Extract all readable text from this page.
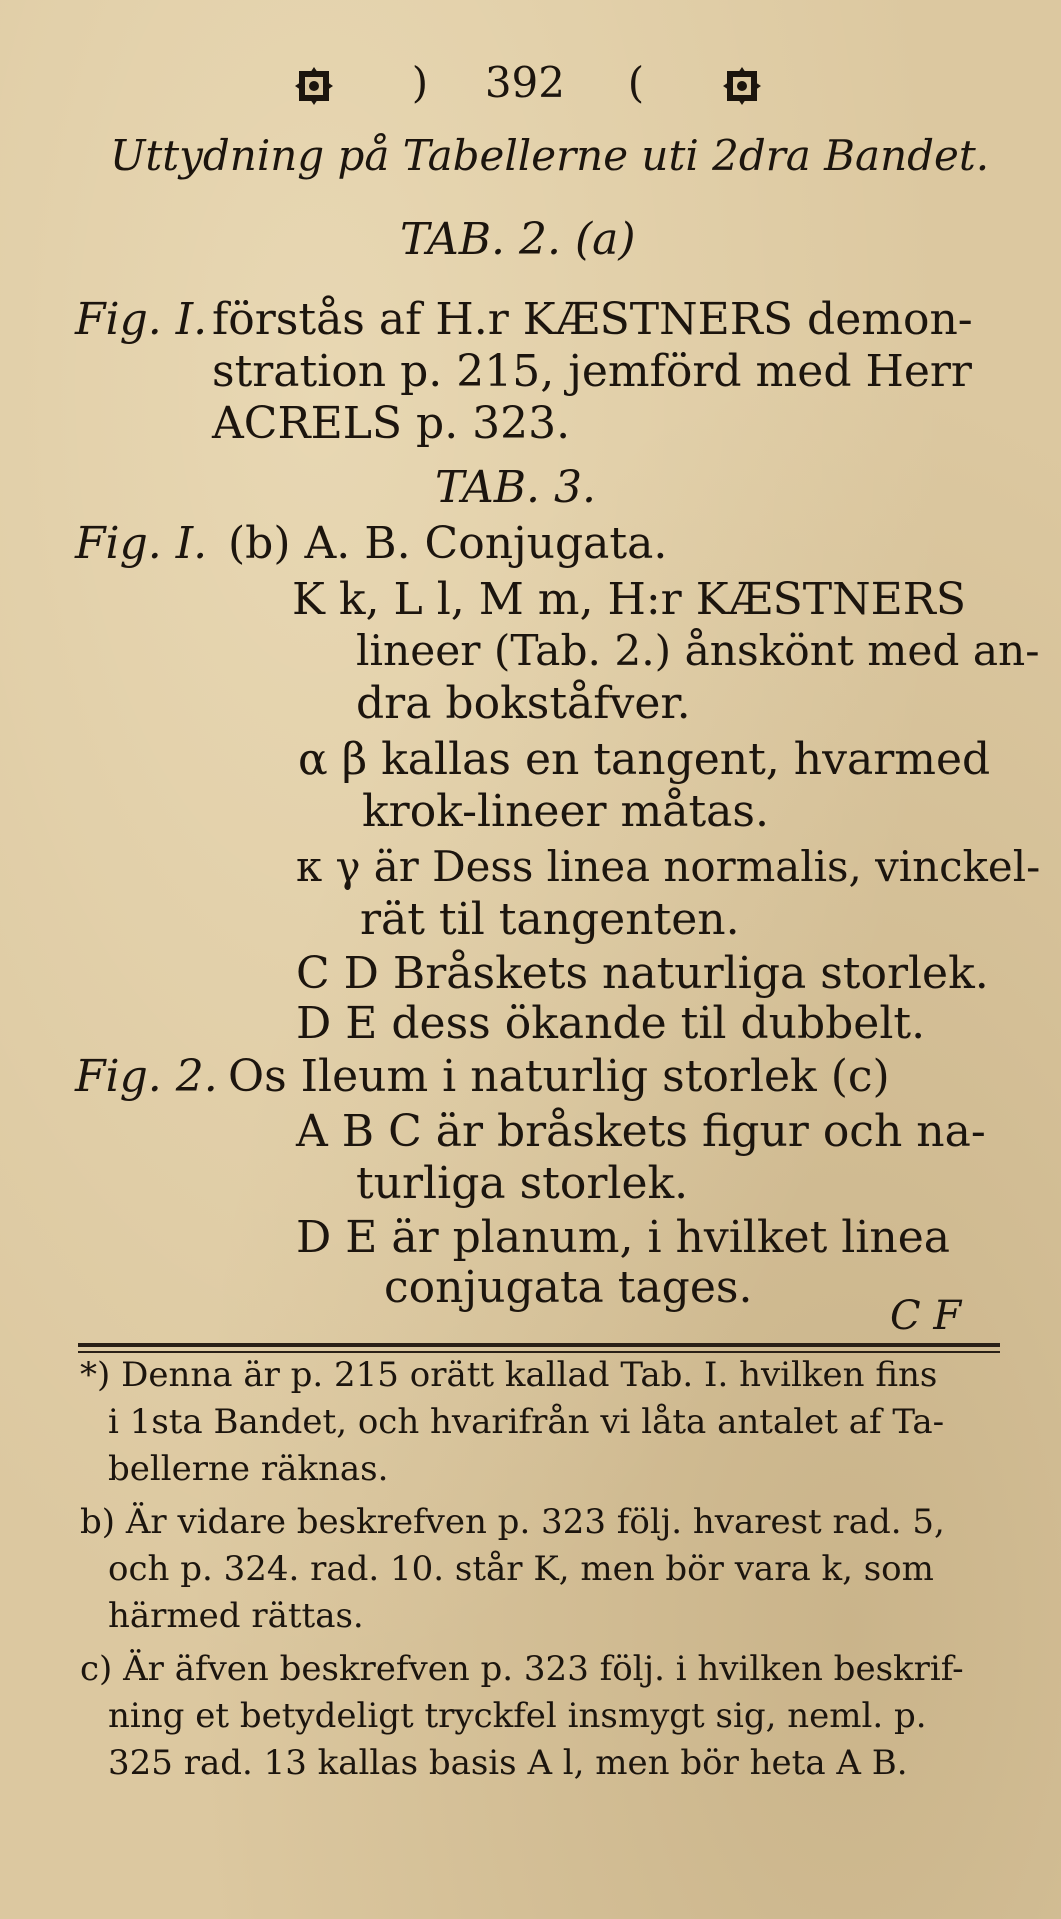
) 392 (
Uttydning på Tabellerne uti 2dra Bandet.
TAB. 2. (a)
Fig. I. förstås af H.r KÆSTNERS demon-
stration p. 215, jemförd med Herr
ACRELS p. 323.
TAB. 3.
Fig. I. (b) A. B. Conjugata.
K k, L l, M m, H:r KÆSTNERS
lineer (Tab. 2.) ånskönt med an-
dra bokståfver.
α β kallas en tangent, hvarmed
krok-lineer måtas.
κ γ är Dess linea normalis, vinckel-
rät til tangenten.
C D Bråskets naturliga storlek.
D E dess ökande til dubbelt.
Fig. 2. Os Ileum i naturlig storlek (c)
A B C är bråskets figur och na-
turliga storlek.
D E är planum, i hvilket linea
conjugata tages.
C F
*) Denna är p. 215 orätt kallad Tab. I. hvilken fins
i 1sta Bandet, och hvarifrån vi låta antalet af Ta-
bellerne räknas.
b) Är vidare beskrefven p. 323 följ. hvarest rad. 5,
och p. 324. rad. 10. står K, men bör vara k, som
härmed rättas.
c) Är äfven beskrefven p. 323 följ. i hvilken beskrif-
ning et betydeligt tryckfel insmygt sig, neml. p.
325 rad. 13 kallas basis A l, men bör heta A B.
